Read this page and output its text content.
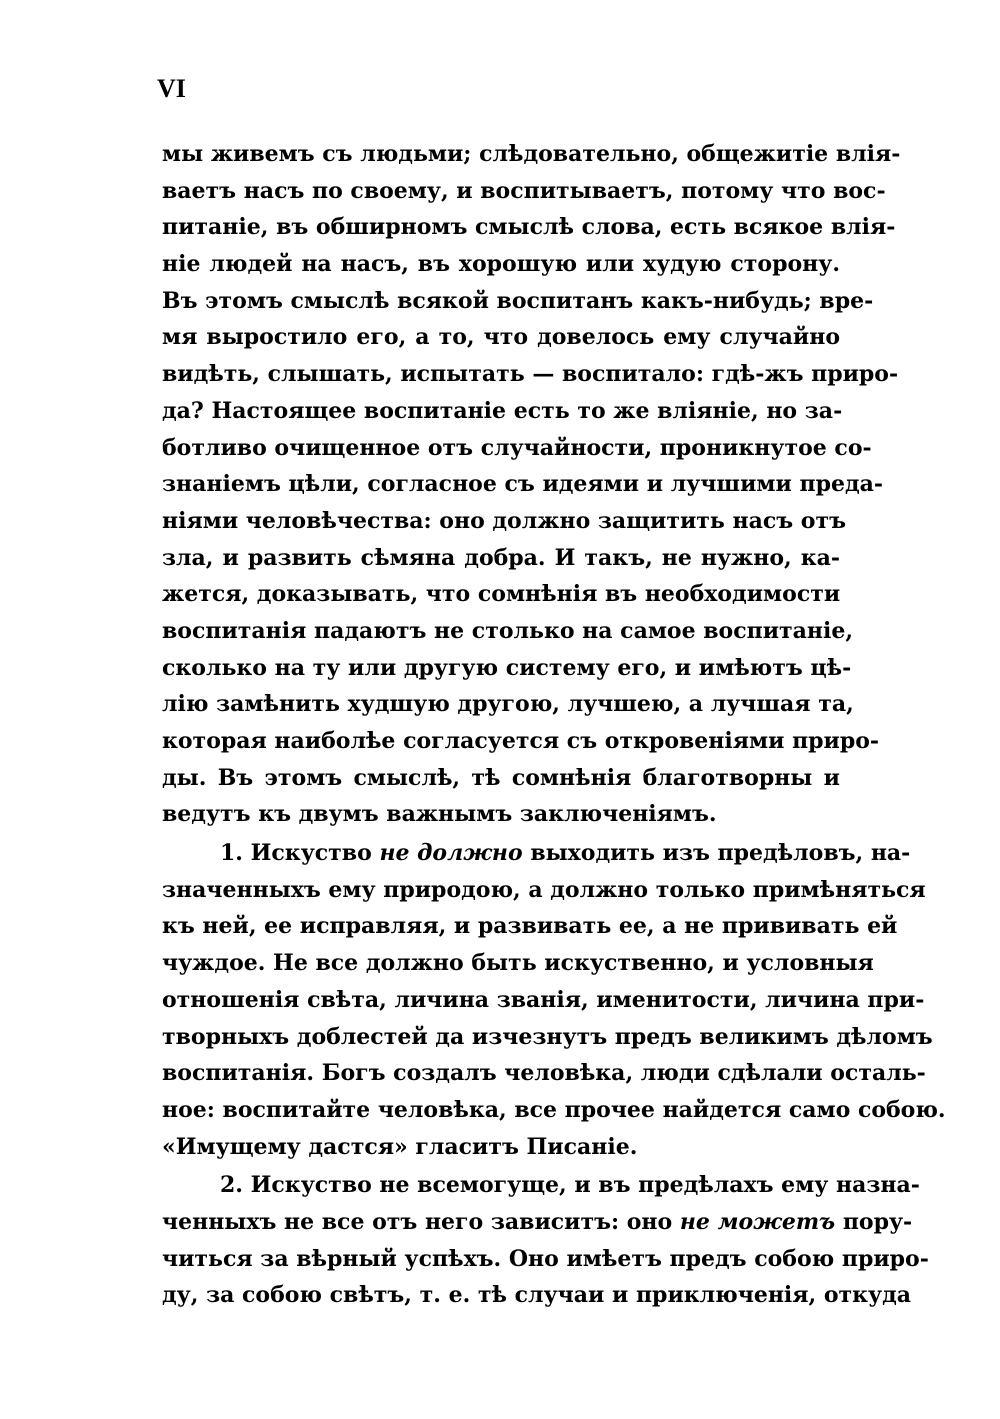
VI
мы живемъ съ людьми; слѣдовательно, общежитіе влія-
ваетъ насъ по своему, и воспитываетъ, потому что вос-
питаніе, въ обширномъ смыслѣ слова, есть всякое влія-
ніе людей на насъ, въ хорошую или худую сторону.
Въ этомъ смыслѣ всякой воспитанъ какъ-нибудь; вре-
мя выростило его, а то, что довелось ему случайно
видѣть, слышать, испытать — воспитало: гдѣ-жъ приро-
да? Настоящее воспитаніе есть то же вліяніе, но за-
ботливо очищенное отъ случайности, проникнутое со-
знаніемъ цѣли, согласное съ идеями и лучшими преда-
ніями человѣчества: оно должно защитить насъ отъ
зла, и развить сѣмяна добра. И такъ, не нужно, ка-
жется, доказывать, что сомнѣнія въ необходимости
воспитанія падаютъ не столько на самое воспитаніе,
сколько на ту или другую систему его, и имѣютъ цѣ-
лію замѣнить худшую другою, лучшею, а лучшая та,
которая наиболѣе согласуется съ откровеніями приро-
ды. Въ этомъ смыслѣ, тѣ сомнѣнія благотворны и
ведутъ къ двумъ важнымъ заключеніямъ.
1. Искуство не должно выходить изъ предѣловъ, на-
значенныхъ ему природою, а должно только примѣняться
къ ней, ее исправляя, и развивать ее, а не прививать ей
чуждое. Не все должно быть искуственно, и условныя
отношенія свѣта, личина званія, именитости, личина при-
творныхъ доблестей да изчезнутъ предъ великимъ дѣломъ
воспитанія. Богъ создалъ человѣка, люди сдѣлали осталь-
ное: воспитайте человѣка, все прочее найдется само собою.
«Имущему дастся» гласитъ Писаніе.
2. Искуство не всемогуще, и въ предѣлахъ ему назна-
ченныхъ не все отъ него зависитъ: оно не можетъ пору-
читься за вѣрный успѣхъ. Оно имѣетъ предъ собою приро-
ду, за собою свѣтъ, т. е. тѣ случаи и приключенія, откуда
